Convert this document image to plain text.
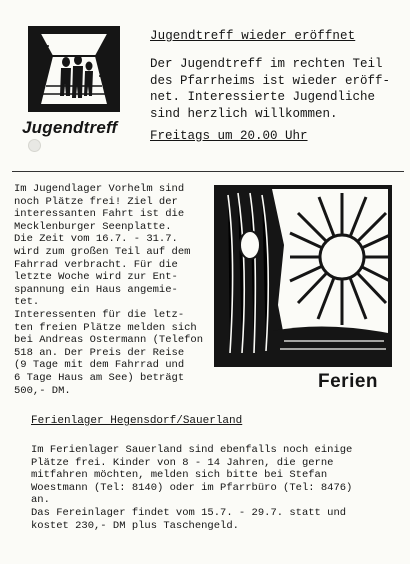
Jugendtreff
Jugendtreff wieder eröffnet
Der Jugendtreff im rechten Teil
des Pfarrheims ist wieder eröff-
net. Interessierte Jugendliche
sind herzlich willkommen.
Freitags um 20.00 Uhr
Im Jugendlager Vorhelm sind
noch Plätze frei! Ziel der
interessanten Fahrt ist die
Mecklenburger Seenplatte.
Die Zeit vom 16.7. - 31.7.
wird zum großen Teil auf dem
Fahrrad verbracht. Für die
letzte Woche wird zur Ent-
spannung ein Haus angemie-
tet.
Interessenten für die letz-
ten freien Plätze melden sich
bei Andreas Ostermann (Telefon
518 an. Der Preis der Reise
(9 Tage mit dem Fahrrad und
6 Tage Haus am See) beträgt
500,- DM.	Ferien
Ferienlager Hegensdorf/Sauerland
Im Ferienlager Sauerland sind ebenfalls noch einige
Plätze frei. Kinder von 8 - 14 Jahren, die gerne
mitfahren möchten, melden sich bitte bei Stefan
Woestmann (Tel: 8140) oder im Pfarrbüro (Tel: 8476)
an.
Das Fereinlager findet vom 15.7. - 29.7. statt und
kostet 230,- DM plus Taschengeld.
